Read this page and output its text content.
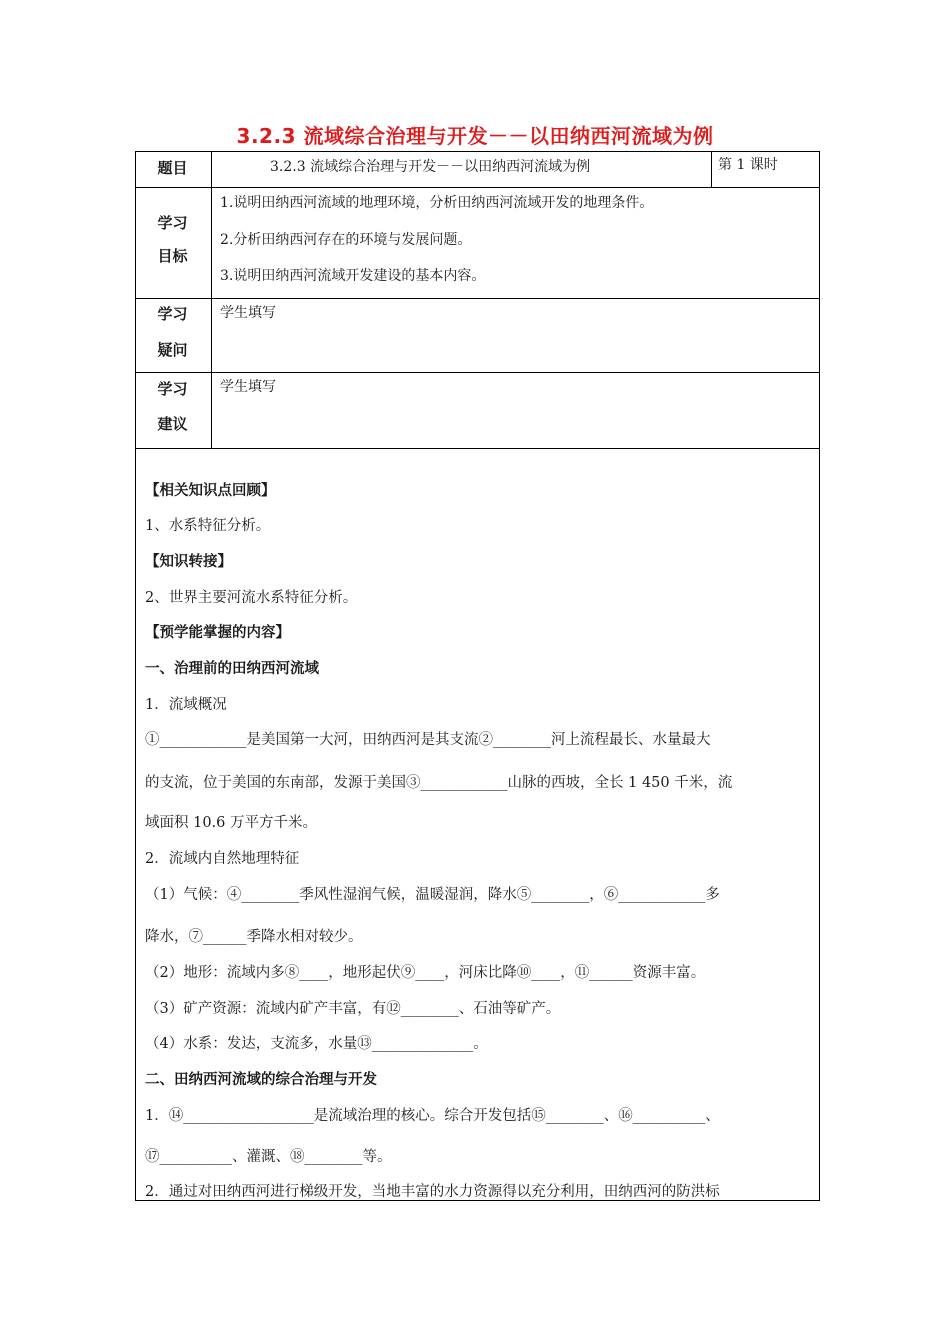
3.2.3 流域综合治理与开发－－以田纳西河流域为例
题目	3.2.3 流域综合治理与开发－－以田纳西河流域为例	第 1 课时
学习
目标
1.说明田纳西河流域的地理环境，分析田纳西河流域开发的地理条件。
2.分析田纳西河存在的环境与发展问题。
3.说明田纳西河流域开发建设的基本内容。
学习
疑问
学生填写
学习
建议
学生填写
【相关知识点回顾】
1、水系特征分析。
【知识转接】
2、世界主要河流水系特征分析。
【预学能掌握的内容】
一、治理前的田纳西河流域
1．流域概况
①____________是美国第一大河，田纳西河是其支流②________河上流程最长、水量最大
的支流，位于美国的东南部，发源于美国③____________山脉的西坡，全长 1 450 千米，流
域面积 10.6 万平方千米。
2．流域内自然地理特征
（1）气候：④________季风性湿润气候，温暖湿润，降水⑤________，⑥____________多
降水，⑦______季降水相对较少。
（2）地形：流域内多⑧____，地形起伏⑨____，河床比降⑩____，⑪______资源丰富。
（3）矿产资源：流域内矿产丰富，有⑫________、石油等矿产。
（4）水系：发达，支流多，水量⑬______________。
二、田纳西河流域的综合治理与开发
1．⑭__________________是流域治理的核心。综合开发包括⑮________、⑯__________、
⑰__________、灌溉、⑱________等。
2．通过对田纳西河进行梯级开发，当地丰富的水力资源得以充分利用，田纳西河的防洪标
